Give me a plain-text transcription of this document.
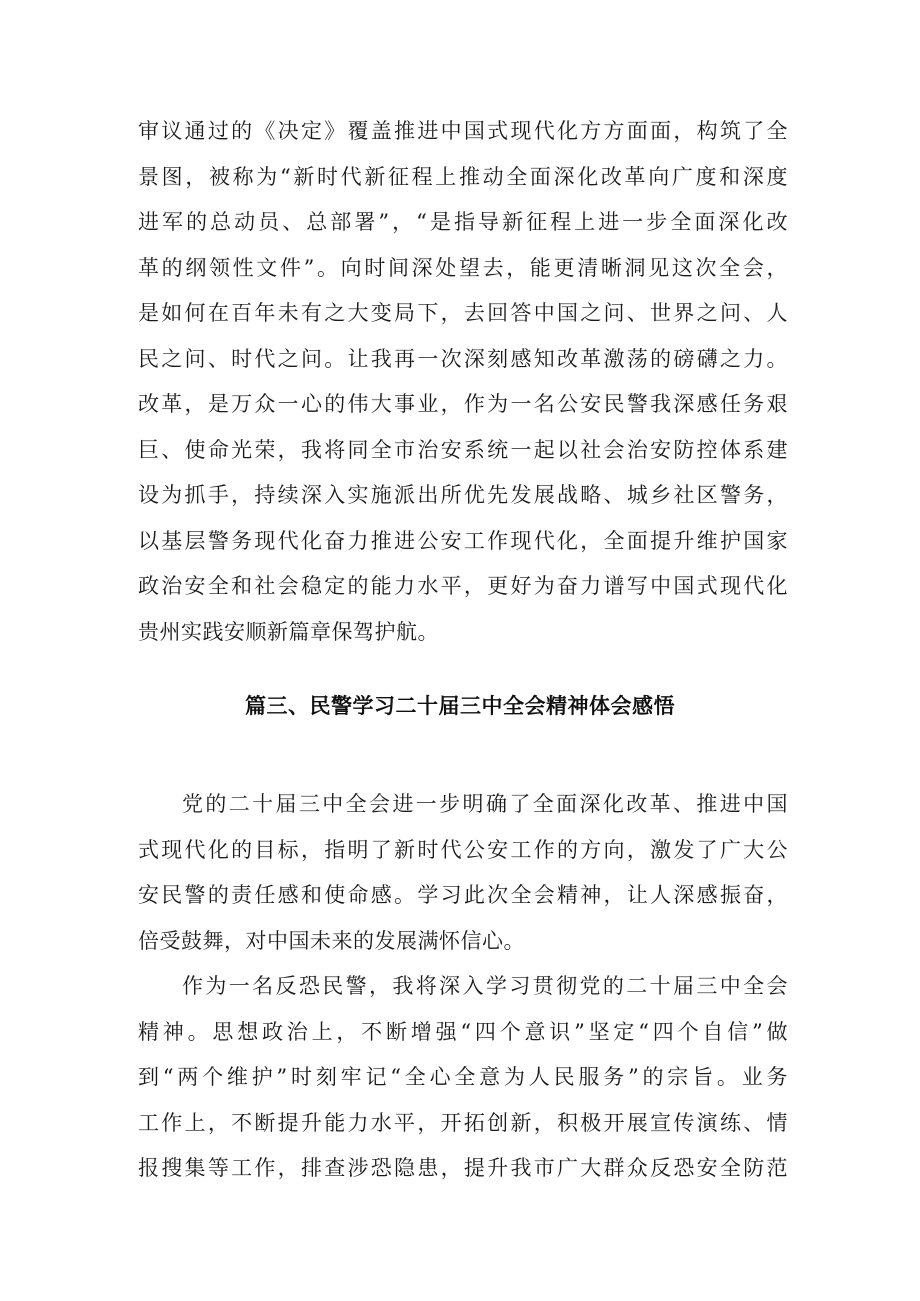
审议通过的《决定》覆盖推进中国式现代化方方面面，构筑了全
景图，被称为“新时代新征程上推动全面深化改革向广度和深度
进军的总动员、总部署”，“是指导新征程上进一步全面深化改
革的纲领性文件”。向时间深处望去，能更清晰洞见这次全会，
是如何在百年未有之大变局下，去回答中国之问、世界之问、人
民之问、时代之问。让我再一次深刻感知改革激荡的磅礴之力。
改革，是万众一心的伟大事业，作为一名公安民警我深感任务艰
巨、使命光荣，我将同全市治安系统一起以社会治安防控体系建
设为抓手，持续深入实施派出所优先发展战略、城乡社区警务，
以基层警务现代化奋力推进公安工作现代化，全面提升维护国家
政治安全和社会稳定的能力水平，更好为奋力谱写中国式现代化
贵州实践安顺新篇章保驾护航。
篇三、民警学习二十届三中全会精神体会感悟
党的二十届三中全会进一步明确了全面深化改革、推进中国
式现代化的目标，指明了新时代公安工作的方向，激发了广大公
安民警的责任感和使命感。学习此次全会精神，让人深感振奋，
倍受鼓舞，对中国未来的发展满怀信心。
作为一名反恐民警，我将深入学习贯彻党的二十届三中全会
精神。思想政治上，不断增强“四个意识”坚定“四个自信”做
到“两个维护”时刻牢记“全心全意为人民服务”的宗旨。业务
工作上，不断提升能力水平，开拓创新，积极开展宣传演练、情
报搜集等工作，排查涉恐隐患，提升我市广大群众反恐安全防范
